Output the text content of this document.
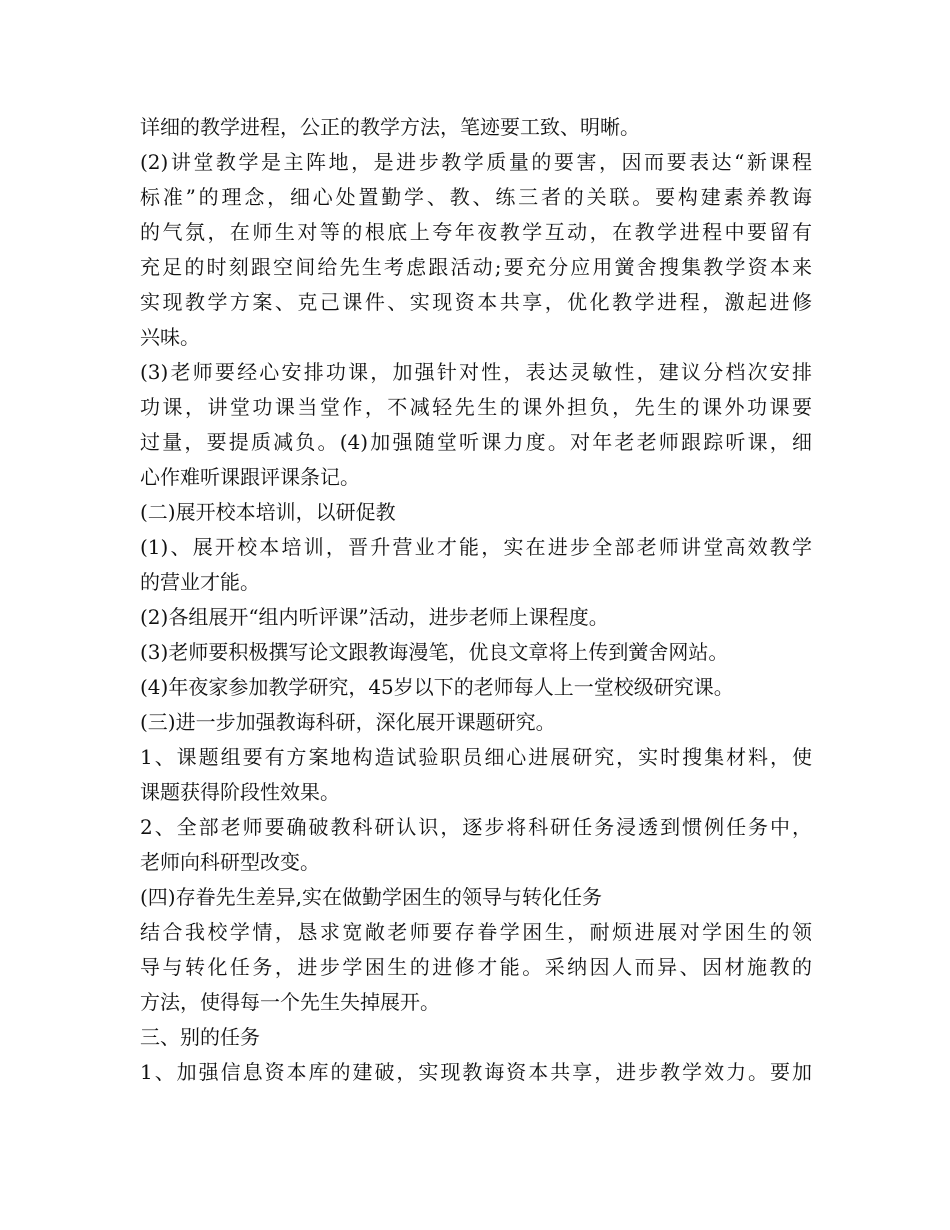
详细的教学进程，公正的教学方法，笔迹要工致、明晰。
(2)讲堂教学是主阵地，是进步教学质量的要害，因而要表达“新课程
标准”的理念，细心处置勤学、教、练三者的关联。要构建素养教诲
的气氛，在师生对等的根底上夸年夜教学互动，在教学进程中要留有
充足的时刻跟空间给先生考虑跟活动;要充分应用黉舍搜集教学资本来
实现教学方案、克己课件、实现资本共享，优化教学进程，激起进修
兴味。
(3)老师要经心安排功课，加强针对性，表达灵敏性，建议分档次安排
功课，讲堂功课当堂作，不减轻先生的课外担负，先生的课外功课要
过量，要提质减负。(4)加强随堂听课力度。对年老老师跟踪听课，细
心作难听课跟评课条记。
(二)展开校本培训，以研促教
(1)、展开校本培训，晋升营业才能，实在进步全部老师讲堂高效教学
的营业才能。
(2)各组展开“组内听评课”活动，进步老师上课程度。
(3)老师要积极撰写论文跟教诲漫笔，优良文章将上传到黉舍网站。
(4)年夜家参加教学研究，45岁以下的老师每人上一堂校级研究课。
(三)进一步加强教诲科研，深化展开课题研究。
1、课题组要有方案地构造试验职员细心进展研究，实时搜集材料，使
课题获得阶段性效果。
2、全部老师要确破教科研认识，逐步将科研任务浸透到惯例任务中，
老师向科研型改变。
(四)存眷先生差异,实在做勤学困生的领导与转化任务
结合我校学情，恳求宽敞老师要存眷学困生，耐烦进展对学困生的领
导与转化任务，进步学困生的进修才能。采纳因人而异、因材施教的
方法，使得每一个先生失掉展开。
三、别的任务
1、加强信息资本库的建破，实现教诲资本共享，进步教学效力。要加
